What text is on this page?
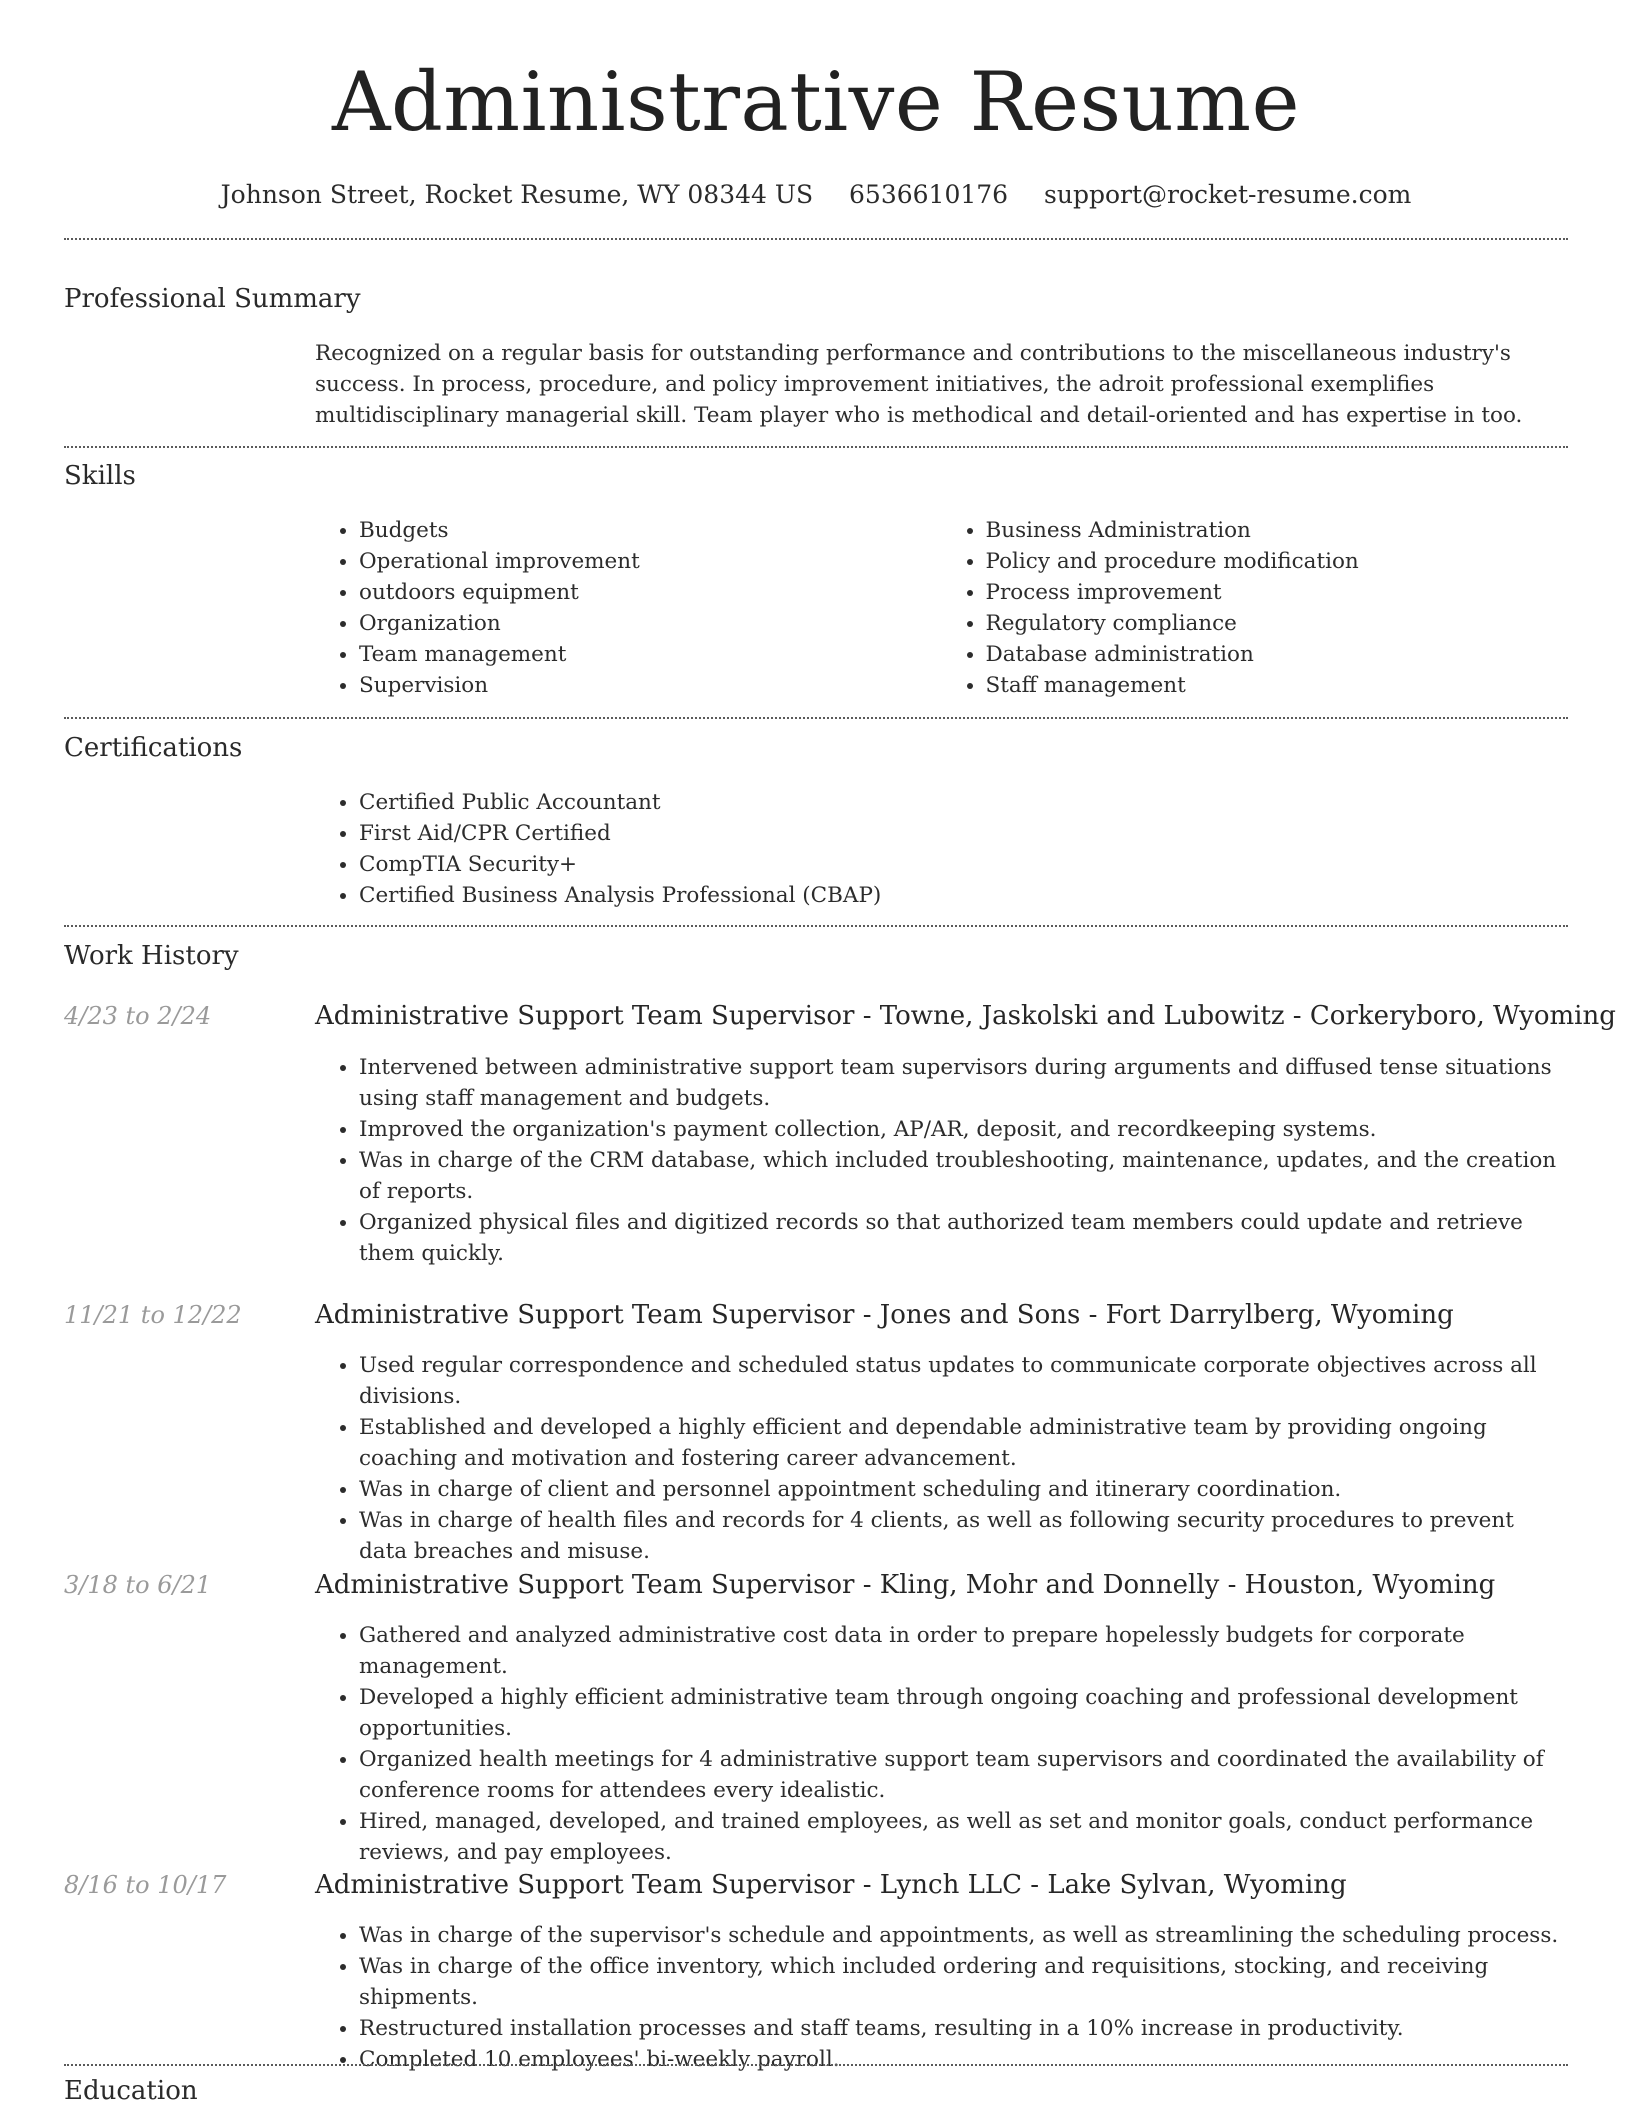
Administrative Resume
Johnson Street, Rocket Resume, WY 08344 US 6536610176 support@rocket-resume.com
Professional Summary

Recognized on a regular basis for outstanding performance and contributions to the miscellaneous industry's success. In process, procedure, and policy improvement initiatives, the adroit professional exemplifies multidisciplinary managerial skill. Team player who is methodical and detail-oriented and has expertise in too.

Skills
• Budgets
• Operational improvement
• outdoors equipment
• Organization
• Team management
• Supervision
• Business Administration
• Policy and procedure modification
• Process improvement
• Regulatory compliance
• Database administration
• Staff management
Certifications
• Certified Public Accountant
• First Aid/CPR Certified
• CompTIA Security+
• Certified Business Analysis Professional (CBAP)
Work History
4/23 to 2/24	Administrative Support Team Supervisor - Towne, Jaskolski and Lubowitz - Corkeryboro, Wyoming
• Intervened between administrative support team supervisors during arguments and diffused tense situations using staff management and budgets.
• Improved the organization's payment collection, AP/AR, deposit, and recordkeeping systems.
• Was in charge of the CRM database, which included troubleshooting, maintenance, updates, and the creation of reports.
• Organized physical files and digitized records so that authorized team members could update and retrieve them quickly.
11/21 to 12/22	Administrative Support Team Supervisor - Jones and Sons - Fort Darrylberg, Wyoming
• Used regular correspondence and scheduled status updates to communicate corporate objectives across all divisions.
• Established and developed a highly efficient and dependable administrative team by providing ongoing coaching and motivation and fostering career advancement.
• Was in charge of client and personnel appointment scheduling and itinerary coordination.
• Was in charge of health files and records for 4 clients, as well as following security procedures to prevent data breaches and misuse.
3/18 to 6/21	Administrative Support Team Supervisor - Kling, Mohr and Donnelly - Houston, Wyoming
• Gathered and analyzed administrative cost data in order to prepare hopelessly budgets for corporate management.
• Developed a highly efficient administrative team through ongoing coaching and professional development opportunities.
• Organized health meetings for 4 administrative support team supervisors and coordinated the availability of conference rooms for attendees every idealistic.
• Hired, managed, developed, and trained employees, as well as set and monitor goals, conduct performance reviews, and pay employees.
8/16 to 10/17	Administrative Support Team Supervisor - Lynch LLC - Lake Sylvan, Wyoming
• Was in charge of the supervisor's schedule and appointments, as well as streamlining the scheduling process.
• Was in charge of the office inventory, which included ordering and requisitions, stocking, and receiving shipments.
• Restructured installation processes and staff teams, resulting in a 10% increase in productivity.
• Completed 10 employees' bi-weekly payroll.
Education
